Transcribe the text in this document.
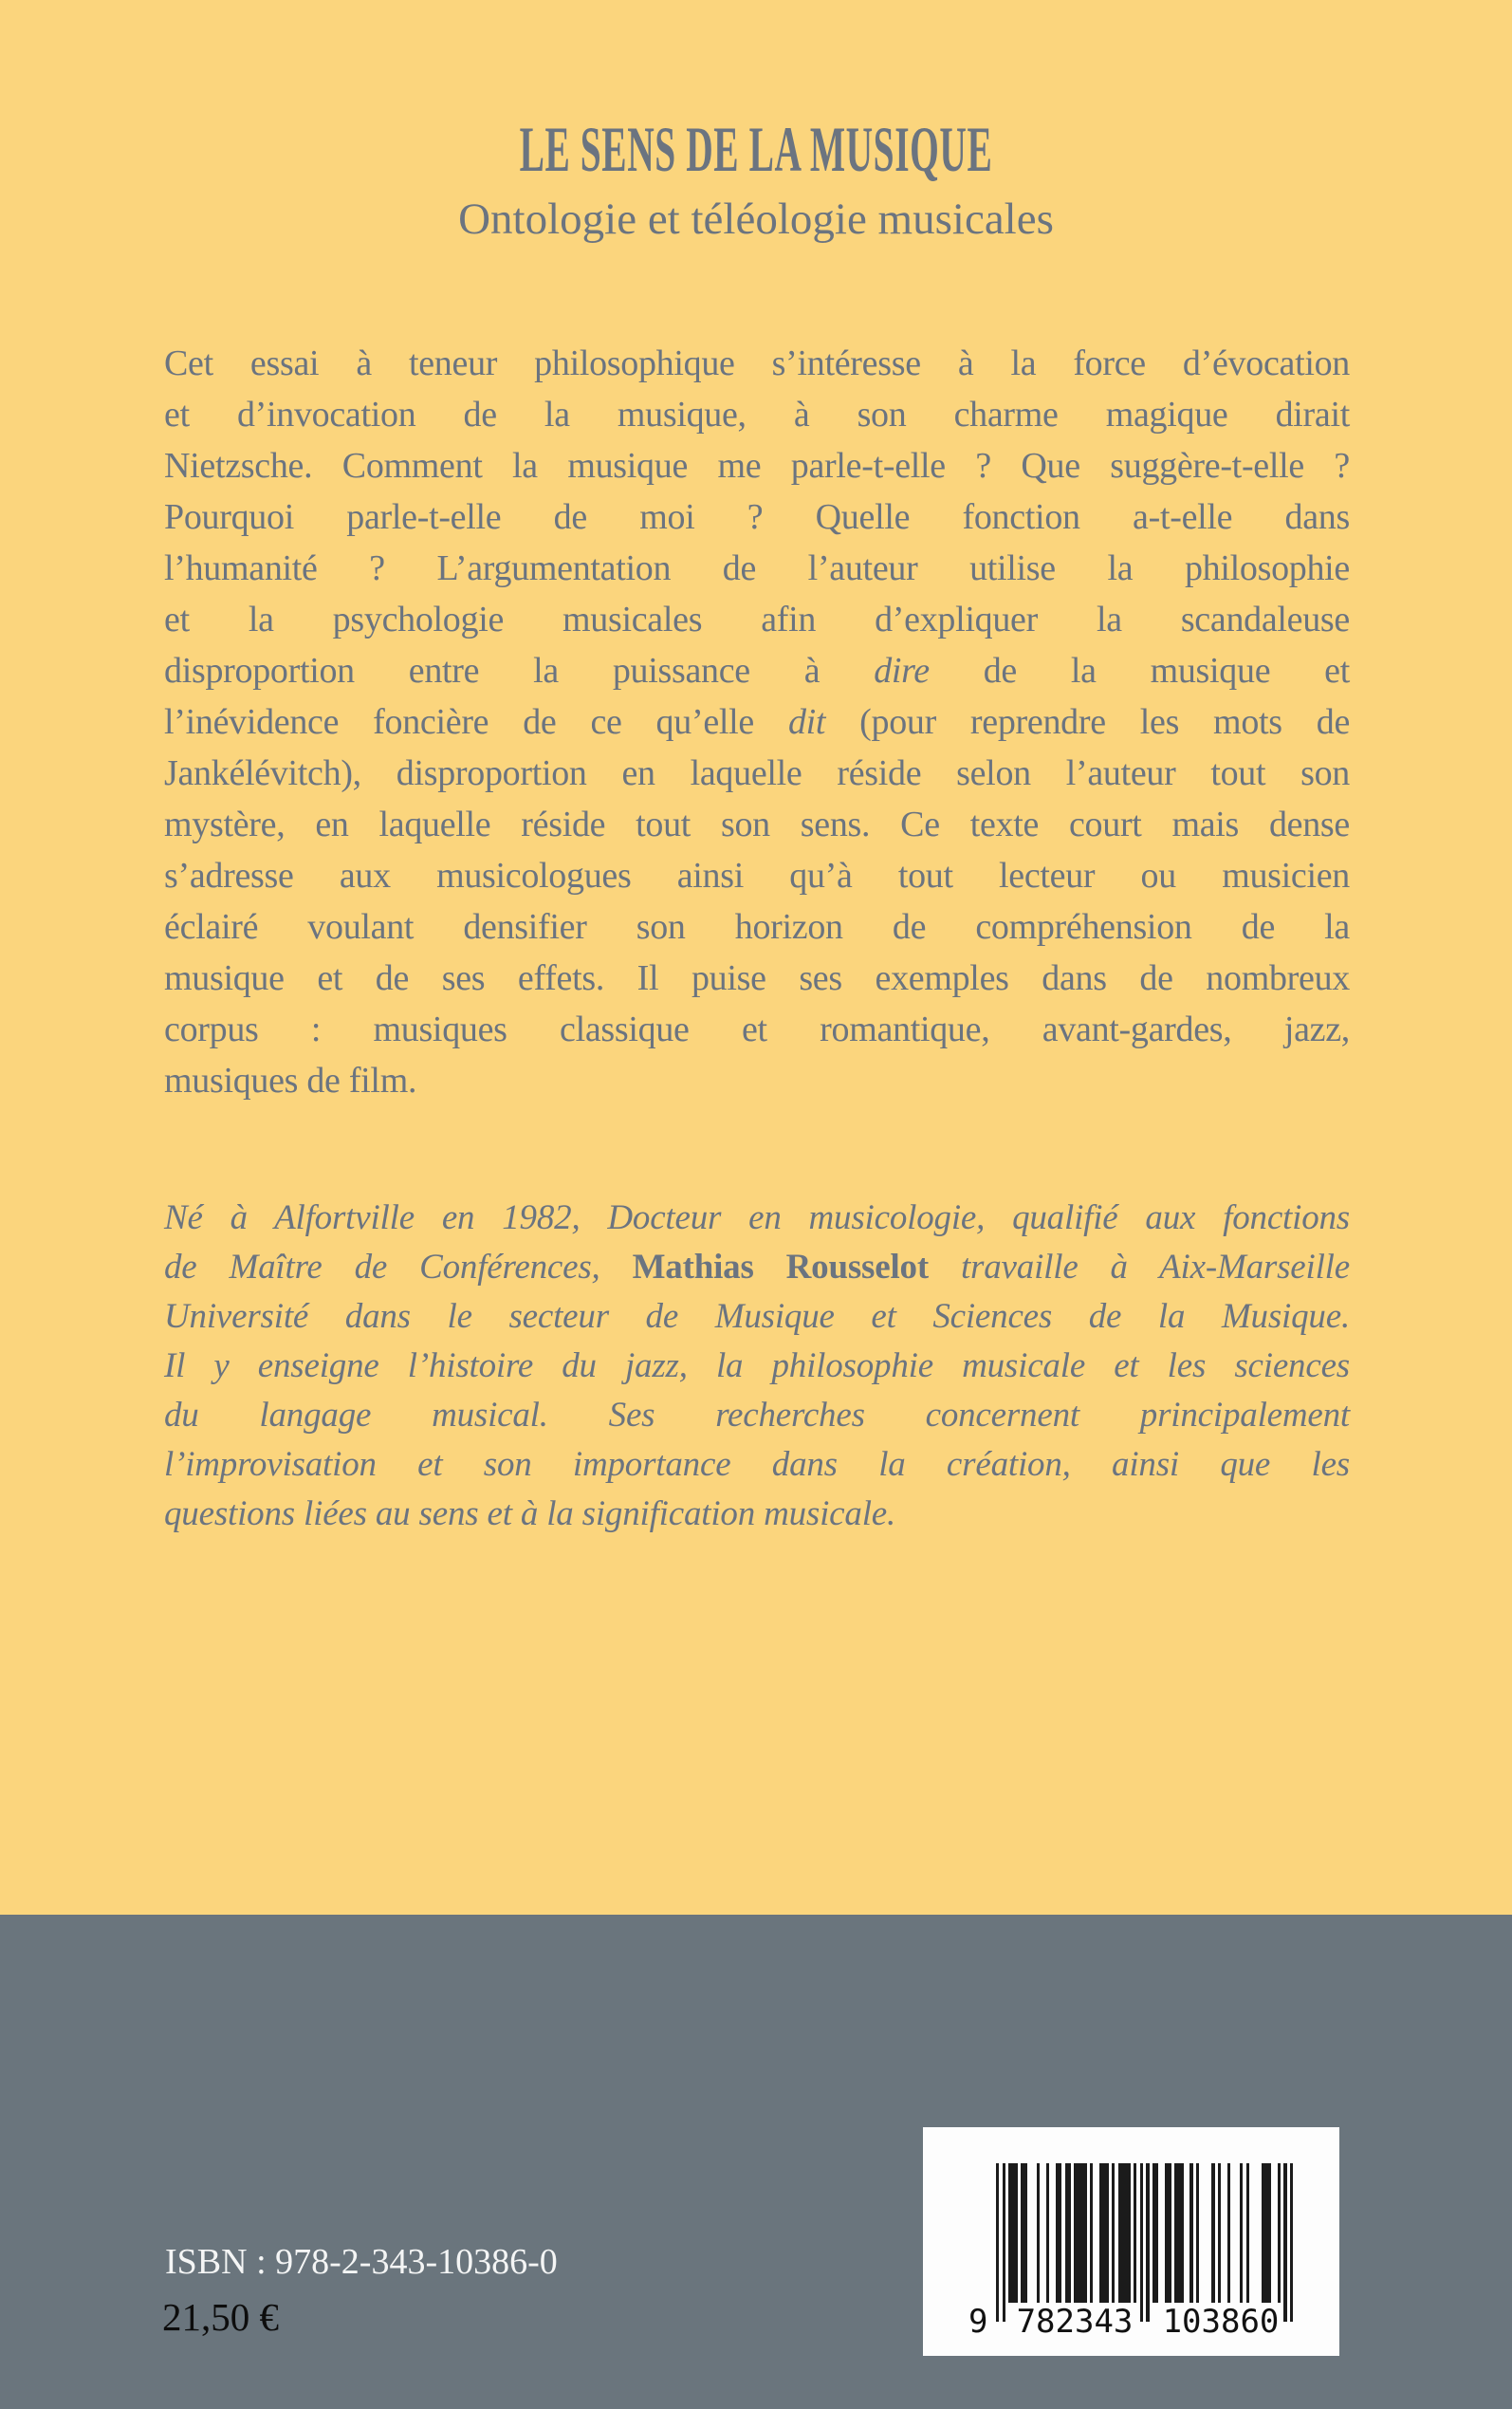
LE SENS DE LA MUSIQUE
Ontologie et téléologie musicales
Cet essai à teneur philosophique s’intéresse à la force d’évocation
et d’invocation de la musique, à son charme magique dirait
Nietzsche. Comment la musique me parle-t-elle ? Que suggère-t-elle ?
Pourquoi parle-t-elle de moi ? Quelle fonction a-t-elle dans
l’humanité ? L’argumentation de l’auteur utilise la philosophie
et la psychologie musicales afin d’expliquer la scandaleuse
disproportion entre la puissance à dire de la musique et
l’inévidence foncière de ce qu’elle dit (pour reprendre les mots de
Jankélévitch), disproportion en laquelle réside selon l’auteur tout son
mystère, en laquelle réside tout son sens. Ce texte court mais dense
s’adresse aux musicologues ainsi qu’à tout lecteur ou musicien
éclairé voulant densifier son horizon de compréhension de la
musique et de ses effets. Il puise ses exemples dans de nombreux
corpus : musiques classique et romantique, avant-gardes, jazz,
musiques de film.
Né à Alfortville en 1982, Docteur en musicologie, qualifié aux fonctions
de Maître de Conférences, Mathias Rousselot travaille à Aix-Marseille
Université dans le secteur de Musique et Sciences de la Musique.
Il y enseigne l’histoire du jazz, la philosophie musicale et les sciences
du langage musical. Ses recherches concernent principalement
l’improvisation et son importance dans la création, ainsi que les
questions liées au sens et à la signification musicale.
ISBN : 978-2-343-10386-0
21,50 €	9 782343 103860
